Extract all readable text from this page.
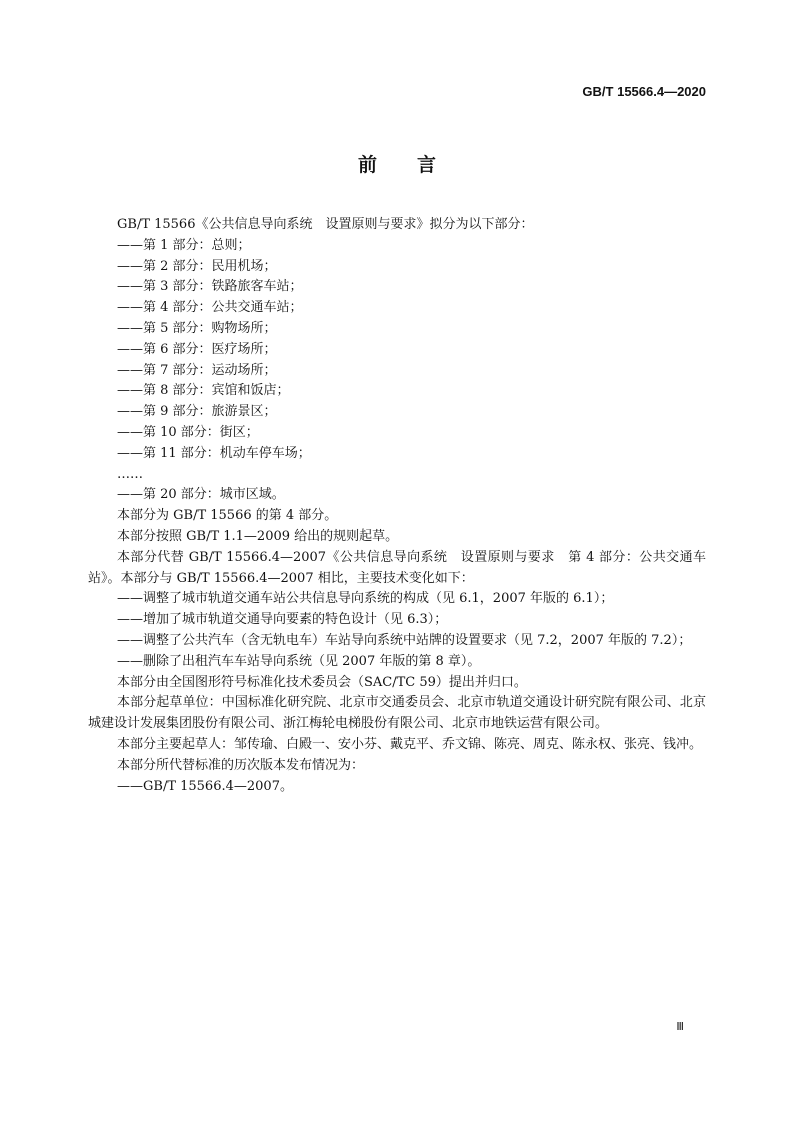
GB/T 15566.4—2020
前言
GB/T 15566《公共信息导向系统　设置原则与要求》拟分为以下部分：
——第 1 部分：总则；
——第 2 部分：民用机场；
——第 3 部分：铁路旅客车站；
——第 4 部分：公共交通车站；
——第 5 部分：购物场所；
——第 6 部分：医疗场所；
——第 7 部分：运动场所；
——第 8 部分：宾馆和饭店；
——第 9 部分：旅游景区；
——第 10 部分：街区；
——第 11 部分：机动车停车场；
……
——第 20 部分：城市区域。
本部分为 GB/T 15566 的第 4 部分。
本部分按照 GB/T 1.1—2009 给出的规则起草。
本部分代替 GB/T 15566.4—2007《公共信息导向系统　设置原则与要求　第 4 部分：公共交通车站》。本部分与 GB/T 15566.4—2007 相比，主要技术变化如下：
——调整了城市轨道交通车站公共信息导向系统的构成（见 6.1，2007 年版的 6.1）；
——增加了城市轨道交通导向要素的特色设计（见 6.3）；
——调整了公共汽车（含无轨电车）车站导向系统中站牌的设置要求（见 7.2，2007 年版的 7.2）；
——删除了出租汽车车站导向系统（见 2007 年版的第 8 章）。
本部分由全国图形符号标准化技术委员会（SAC/TC 59）提出并归口。
本部分起草单位：中国标准化研究院、北京市交通委员会、北京市轨道交通设计研究院有限公司、北京城建设计发展集团股份有限公司、浙江梅轮电梯股份有限公司、北京市地铁运营有限公司。
本部分主要起草人：邹传瑜、白殿一、安小芬、戴克平、乔文锦、陈亮、周克、陈永权、张亮、钱冲。
本部分所代替标准的历次版本发布情况为：
——GB/T 15566.4—2007。
Ⅲ
